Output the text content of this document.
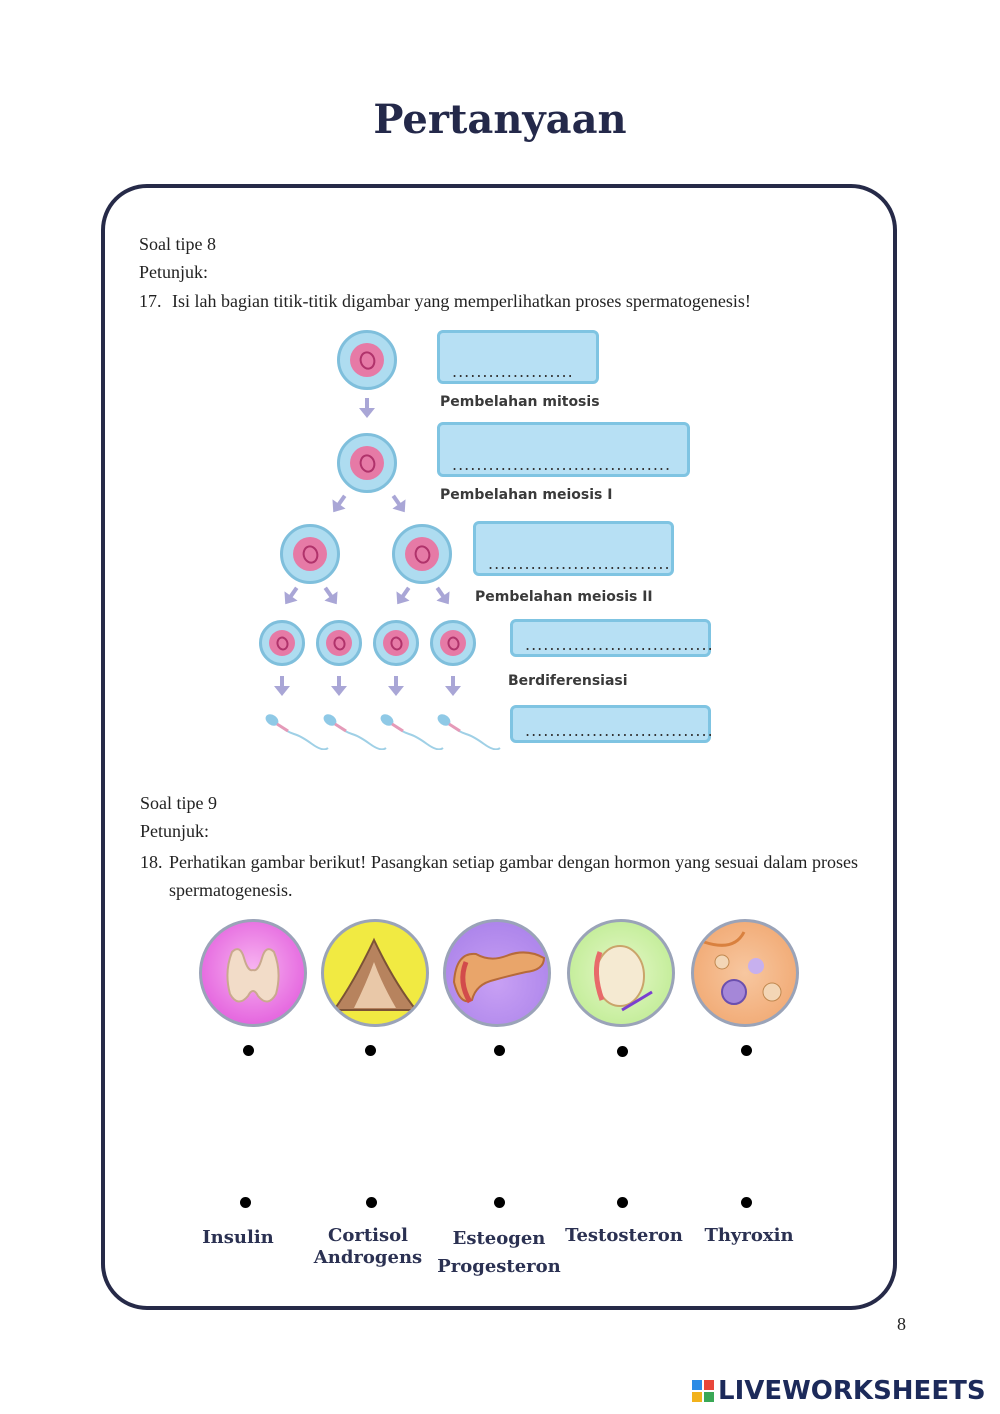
Pertanyaan
Soal tipe 8
Petunjuk:
17. Isi lah bagian titik-titik digambar yang memperlihatkan proses spermatogenesis!
....................
Pembelahan mitosis
....................................
Pembelahan meiosis I
..............................
Pembelahan meiosis II
...............................
Berdiferensiasi
...............................
Soal tipe 9
Petunjuk:
18. Perhatikan gambar berikut! Pasangkan setiap gambar dengan hormon yang sesuai dalam proses spermatogenesis.
Insulin	Cortisol
Androgens
Esteogen
Progesteron
Testosteron	Thyroxin
8
LIVEWORKSHEETS
